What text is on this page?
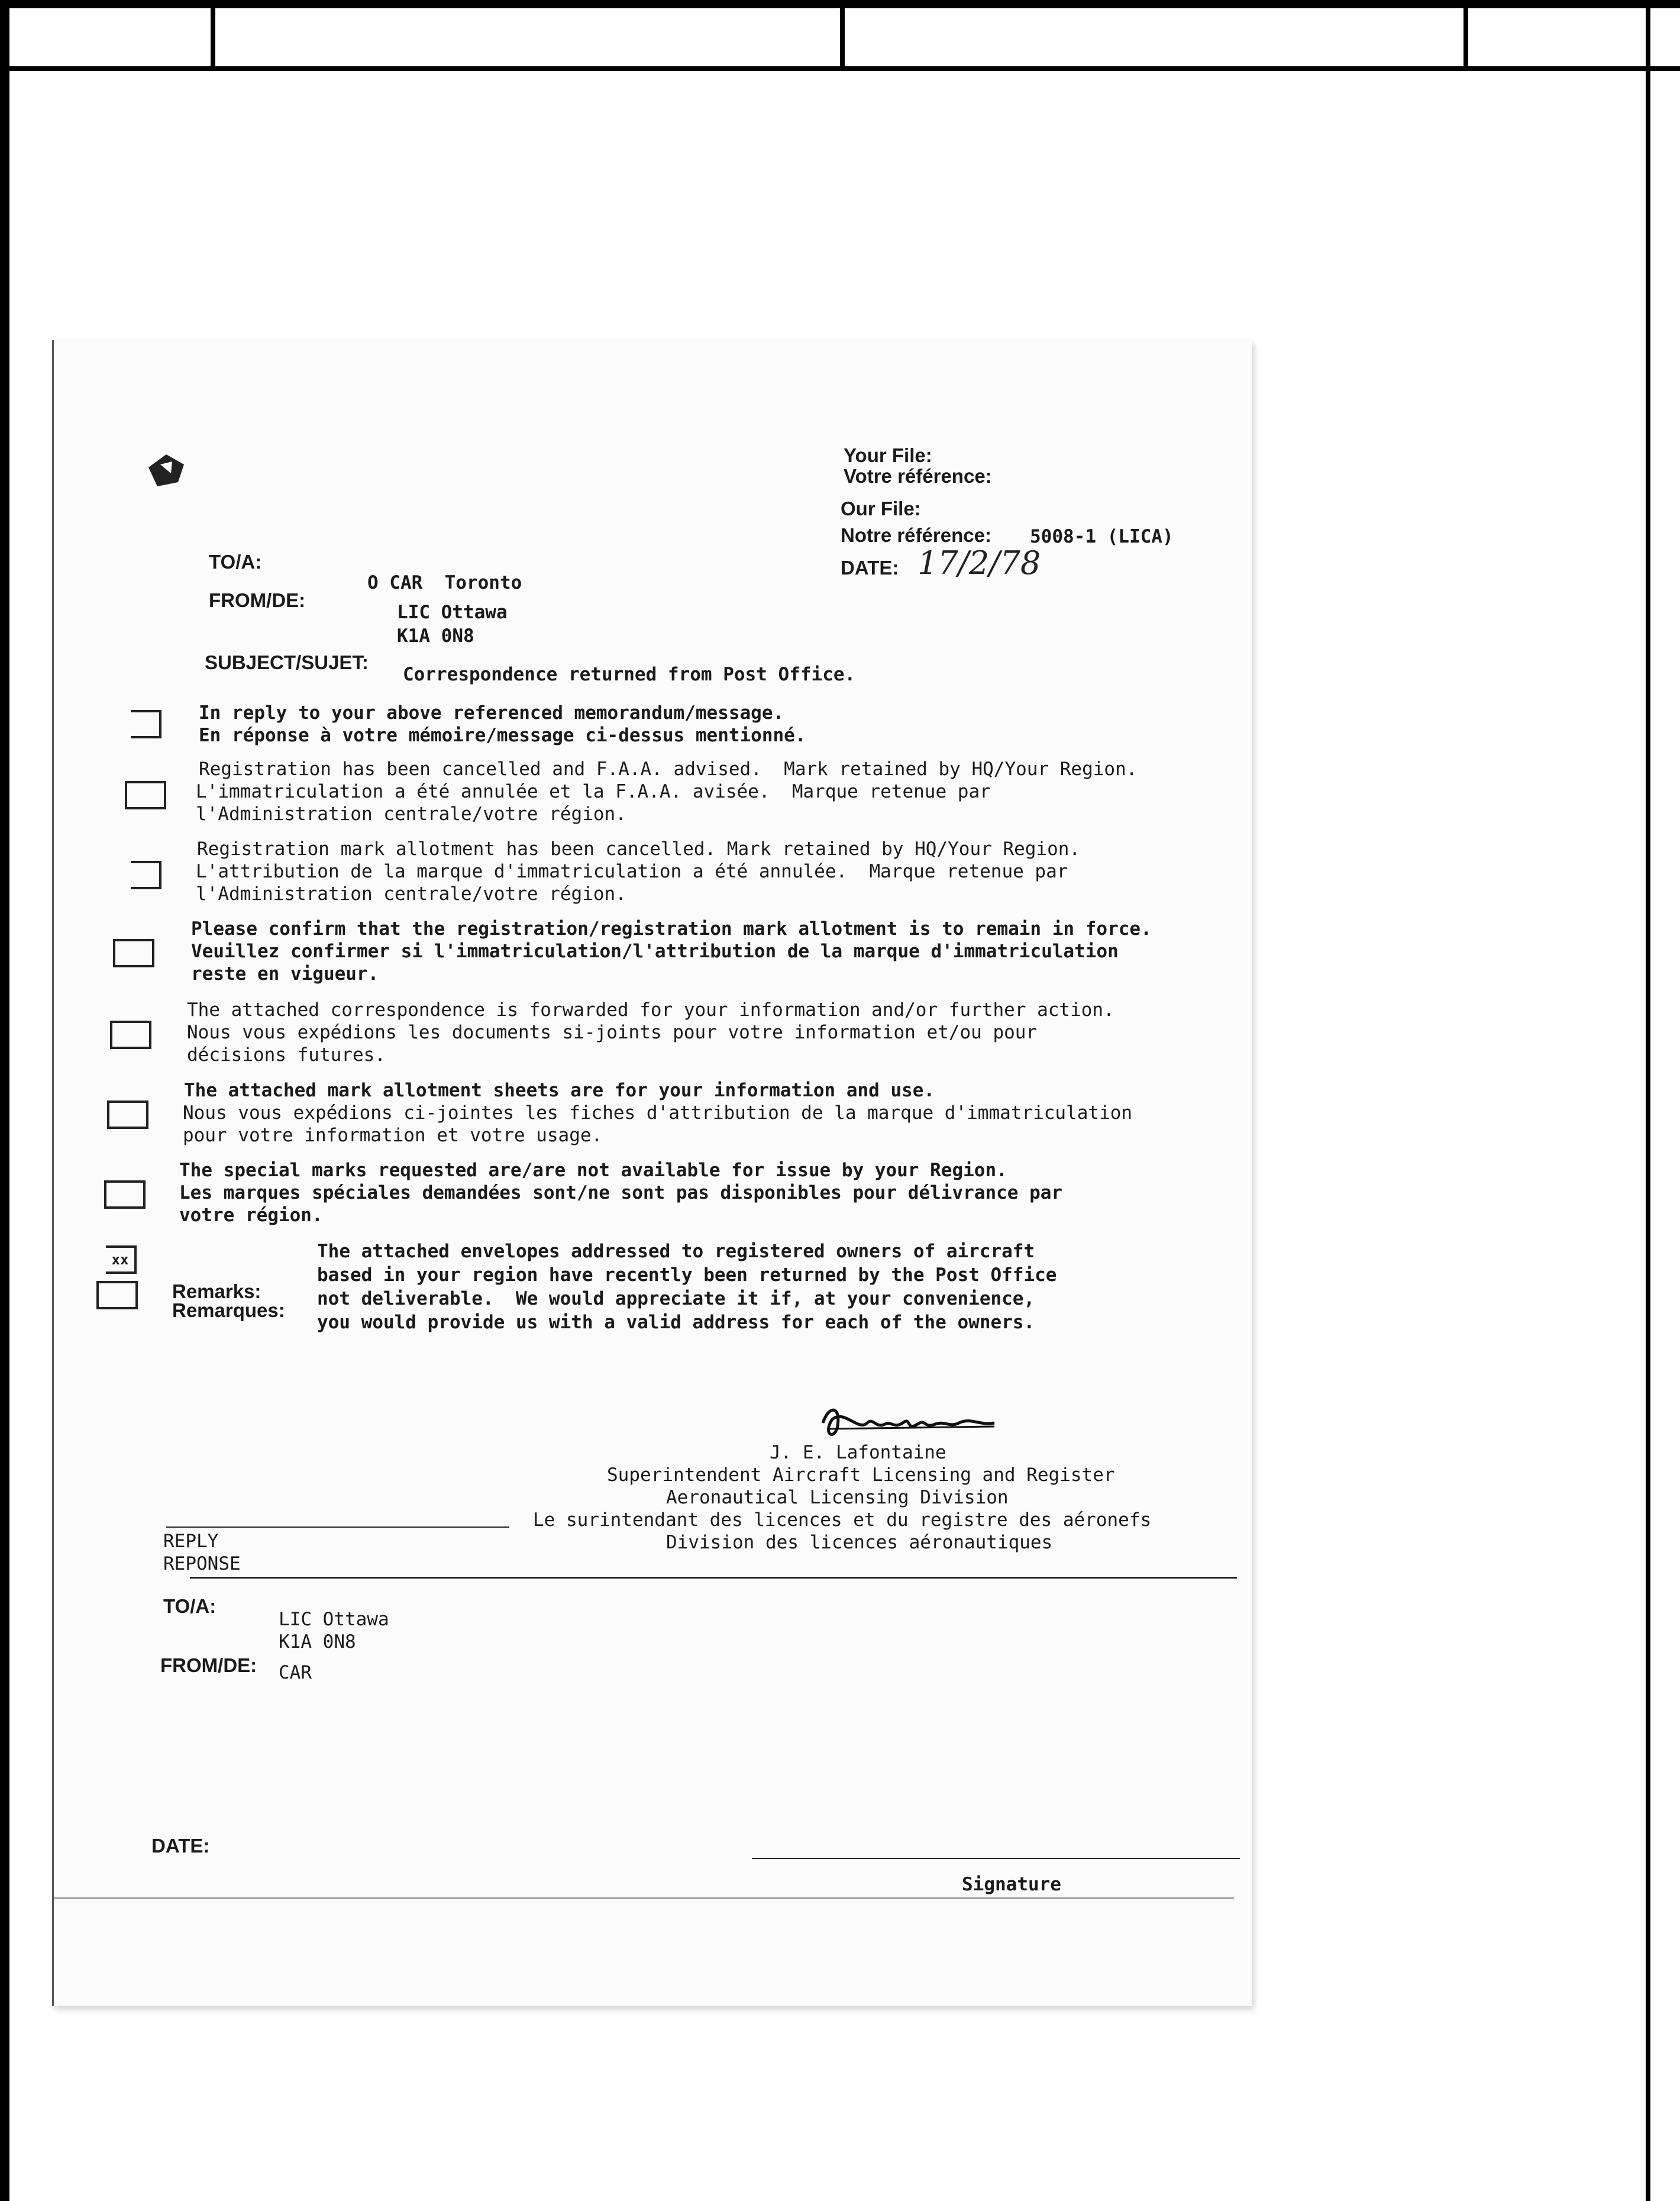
Your File:
Votre référence:
Our File:
Notre référence: 5008-1 (LICA)
DATE: 17/2/78
TO/A:
O CAR  Toronto
FROM/DE:
LIC Ottawa
K1A 0N8
SUBJECT/SUJET:
Correspondence returned from Post Office.
In reply to your above referenced memorandum/message.
En réponse à votre mémoire/message ci-dessus mentionné.
Registration has been cancelled and F.A.A. advised.  Mark retained by HQ/Your Region.
L'immatriculation a été annulée et la F.A.A. avisée.  Marque retenue par
l'Administration centrale/votre région.
Registration mark allotment has been cancelled. Mark retained by HQ/Your Region.
L'attribution de la marque d'immatriculation a été annulée.  Marque retenue par
l'Administration centrale/votre région.
Please confirm that the registration/registration mark allotment is to remain in force.
Veuillez confirmer si l'immatriculation/l'attribution de la marque d'immatriculation
reste en vigueur.
The attached correspondence is forwarded for your information and/or further action.
Nous vous expédions les documents si-joints pour votre information et/ou pour
décisions futures.
The attached mark allotment sheets are for your information and use.
Nous vous expédions ci-jointes les fiches d'attribution de la marque d'immatriculation
pour votre information et votre usage.
The special marks requested are/are not available for issue by your Region.
Les marques spéciales demandées sont/ne sont pas disponibles pour délivrance par
votre région.
xx
Remarks:
Remarques:
The attached envelopes addressed to registered owners of aircraft
based in your region have recently been returned by the Post Office
not deliverable.  We would appreciate it if, at your convenience,
you would provide us with a valid address for each of the owners.
J. E. Lafontaine
Superintendent Aircraft Licensing and Register
Aeronautical Licensing Division
Le surintendant des licences et du registre des aéronefs
Division des licences aéronautiques
REPLY
REPONSE
TO/A:
LIC Ottawa
K1A 0N8
FROM/DE: CAR
DATE:
Signature
